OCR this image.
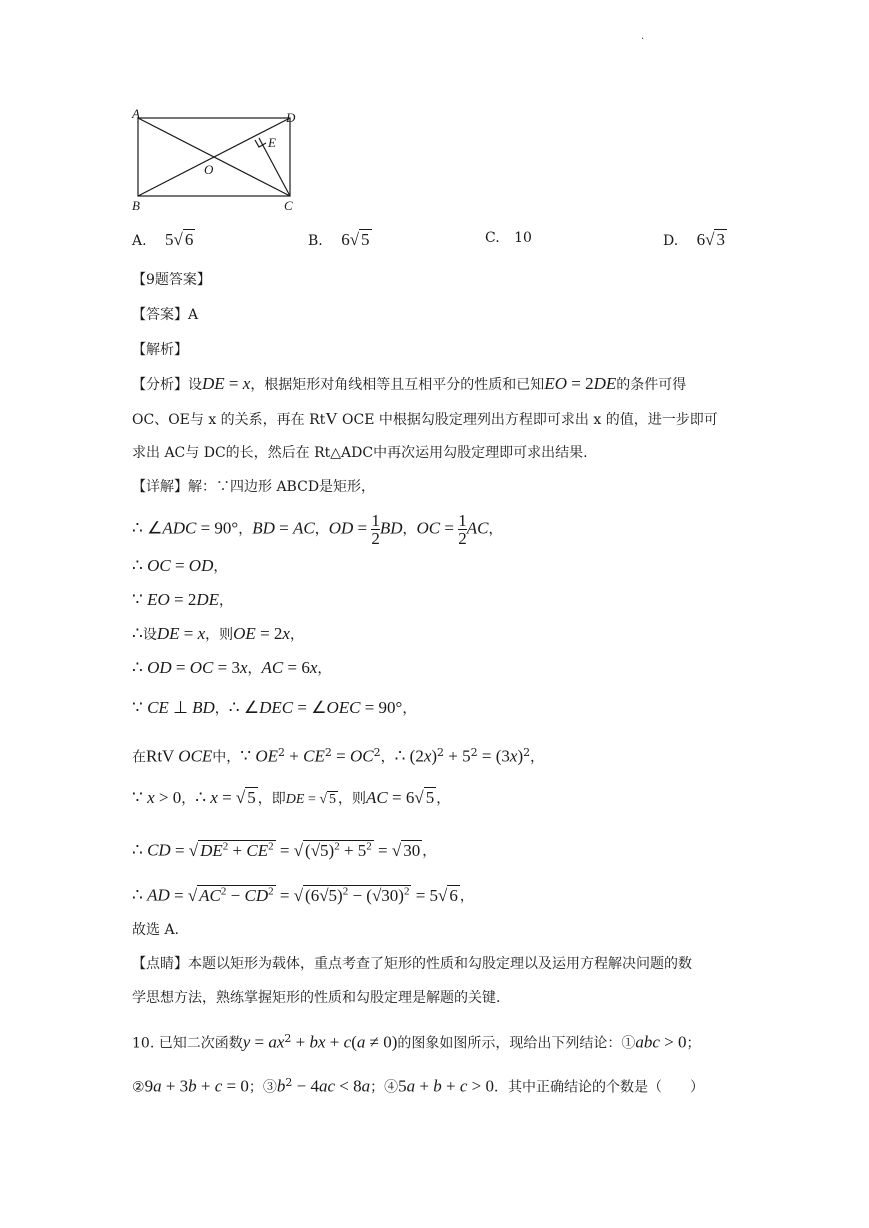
·
A	D
E
O
B	C
A. 5√ 6	B. 6√ 5	C. 10	D. 6√ 3
【9题答案】
【答案】A
【解析】
【分析】设DE = x，根据矩形对角线相等且互相平分的性质和已知EO = 2DE的条件可得
OC、OE与 x 的关系，再在 RtV OCE 中根据勾股定理列出方程即可求出 x 的值，进一步即可
求出 AC与 DC的长，然后在 Rt△ADC中再次运用勾股定理即可求出结果.
【详解】解：∵四边形 ABCD是矩形，
∴ ∠ADC = 90°，BD = AC，OD = $\frac{1}{2}$ BD，OC = $\frac{1}{2}$ AC，
∴ OC = OD，
∵ EO = 2DE，
∴设DE = x，则OE = 2x，
∴ OD = OC = 3x，AC = 6x，
∵ CE ⊥ BD，∴ ∠DEC = ∠OEC = 90°，
在RtV OCE中，∵ $OE^2 + CE^2 = OC^2$，∴ $(2x)^2 + 5^2 = (3x)^2$，
∵ x > 0，∴ x = √ 5 ，即DE = √ 5 ，则AC = 6√ 5 ，
∴ CD = √ $DE^2 + CE^2$ = √ $(√5)^2 + 5^2$ = √ 30 ，
∴ AD = √ $AC^2 - CD^2$ = √ $(6√5)^2 - (√30)^2 = 5√$ 6 ，
故选 A.
【点睛】本题以矩形为载体，重点考查了矩形的性质和勾股定理以及运用方程解决问题的数
学思想方法，熟练掌握矩形的性质和勾股定理是解题的关键.
10. 已知二次函数$y = ax^2$ + bx + c(a ≠ 0)的图象如图所示，现给出下列结论：①abc > 0；
②9a + 3b + c = 0；$③b^2 - 4ac < 8a$；④5a + b + c > 0．其中正确结论的个数是（　　）
